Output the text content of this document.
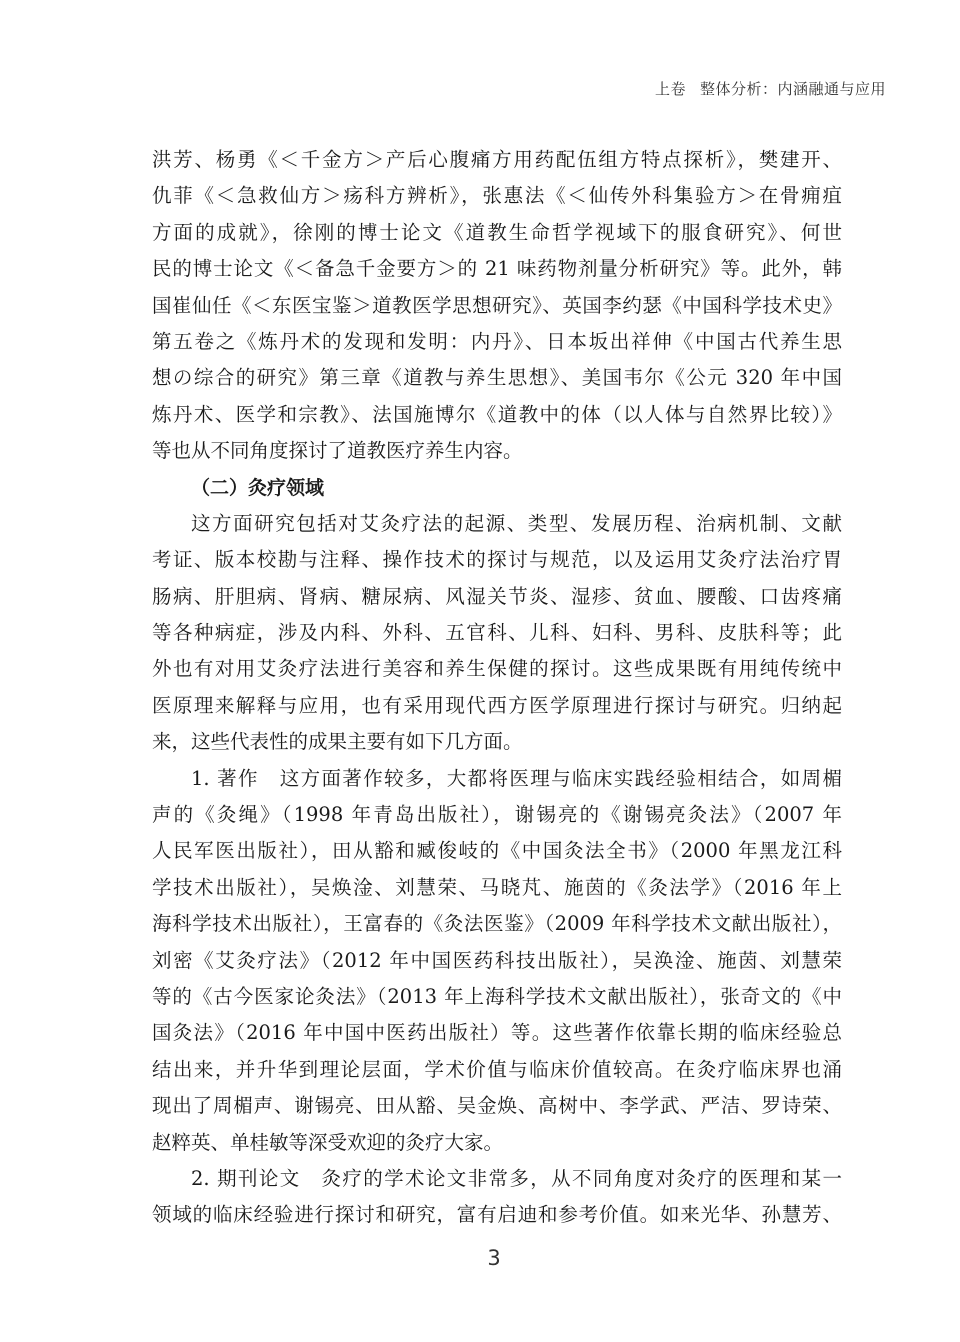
上卷 整体分析：内涵融通与应用
洪芳、杨勇《＜千金方＞产后心腹痛方用药配伍组方特点探析》，樊建开、
仇菲《＜急救仙方＞疡科方辨析》，张惠法《＜仙传外科集验方＞在骨痈疽
方面的成就》，徐刚的博士论文《道教生命哲学视域下的服食研究》、何世
民的博士论文《＜备急千金要方＞的 21 味药物剂量分析研究》等。此外，韩
国崔仙任《＜东医宝鉴＞道教医学思想研究》、英国李约瑟《中国科学技术史》
第五卷之《炼丹术的发现和发明：内丹》、日本坂出祥伸《中国古代养生思
想の综合的研究》第三章《道教与养生思想》、美国韦尔《公元 320 年中国
炼丹术、医学和宗教》、法国施博尔《道教中的体（以人体与自然界比较）》
等也从不同角度探讨了道教医疗养生内容。
（二）灸疗领域
这方面研究包括对艾灸疗法的起源、类型、发展历程、治病机制、文献
考证、版本校勘与注释、操作技术的探讨与规范，以及运用艾灸疗法治疗胃
肠病、肝胆病、肾病、糖尿病、风湿关节炎、湿疹、贫血、腰酸、口齿疼痛
等各种病症，涉及内科、外科、五官科、儿科、妇科、男科、皮肤科等；此
外也有对用艾灸疗法进行美容和养生保健的探讨。这些成果既有用纯传统中
医原理来解释与应用，也有采用现代西方医学原理进行探讨与研究。归纳起
来，这些代表性的成果主要有如下几方面。
1. 著作　这方面著作较多，大都将医理与临床实践经验相结合，如周楣
声的《灸绳》（1998 年青岛出版社），谢锡亮的《谢锡亮灸法》（2007 年
人民军医出版社），田从豁和臧俊岐的《中国灸法全书》（2000 年黑龙江科
学技术出版社），吴焕淦、刘慧荣、马晓芃、施茵的《灸法学》（2016 年上
海科学技术出版社），王富春的《灸法医鉴》（2009 年科学技术文献出版社），
刘密《艾灸疗法》（2012 年中国医药科技出版社），吴涣淦、施茵、刘慧荣
等的《古今医家论灸法》（2013 年上海科学技术文献出版社），张奇文的《中
国灸法》（2016 年中国中医药出版社）等。这些著作依靠长期的临床经验总
结出来，并升华到理论层面，学术价值与临床价值较高。在灸疗临床界也涌
现出了周楣声、谢锡亮、田从豁、吴金焕、高树中、李学武、严洁、罗诗荣、
赵粹英、单桂敏等深受欢迎的灸疗大家。
2. 期刊论文　灸疗的学术论文非常多，从不同角度对灸疗的医理和某一
领域的临床经验进行探讨和研究，富有启迪和参考价值。如来光华、孙慧芳、
3
